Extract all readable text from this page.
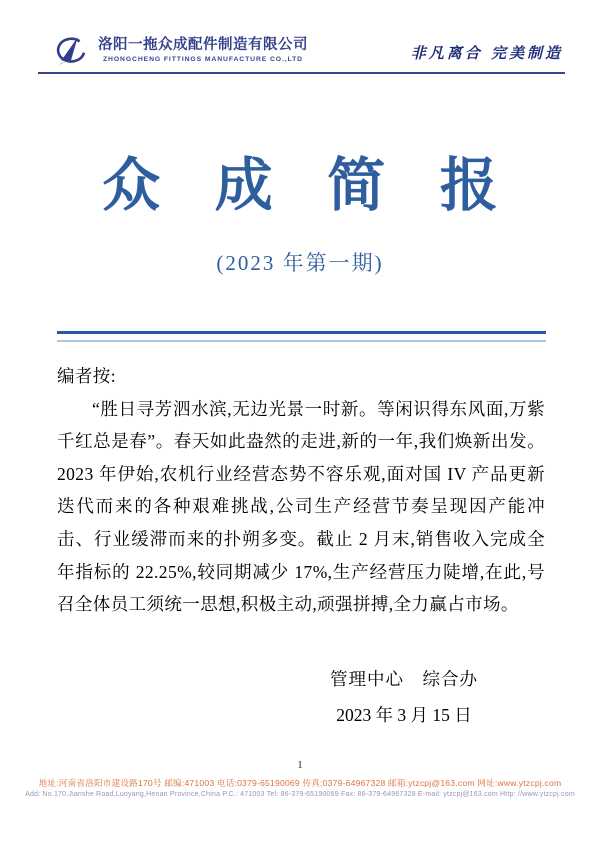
洛阳一拖众成配件制造有限公司
ZHONGCHENG FITTINGS MANUFACTURE CO.,LTD	非凡离合 完美制造
众 成 简 报
(2023 年第一期)
编者按:
“胜日寻芳泗水滨,无边光景一时新。等闲识得东风面,万紫千红总是春”。春天如此盎然的走进,新的一年,我们焕新出发。2023 年伊始,农机行业经营态势不容乐观,面对国 IV 产品更新迭代而来的各种艰难挑战,公司生产经营节奏呈现因产能冲击、行业缓滞而来的扑朔多变。截止 2 月末,销售收入完成全年指标的 22.25%,较同期减少 17%,生产经营压力陡增,在此,号召全体员工须统一思想,积极主动,顽强拼搏,全力赢占市场。
管理中心　综合办
2023 年 3 月 15 日
1
地址:河南省洛阳市建设路170号 邮编:471003 电话:0379-65190069 传真:0379-64967328 邮箱:ytzcpj@163.com 网址:www.ytzcpj.com
Add: No.170,Jianshe Road,Luoyang,Henan Province,China P.C.: 471003 Tel: 86-379-65190069 Fax: 86-379-64967328 E-mail: ytzcpj@163.com Http: //www.ytzcpj.com
